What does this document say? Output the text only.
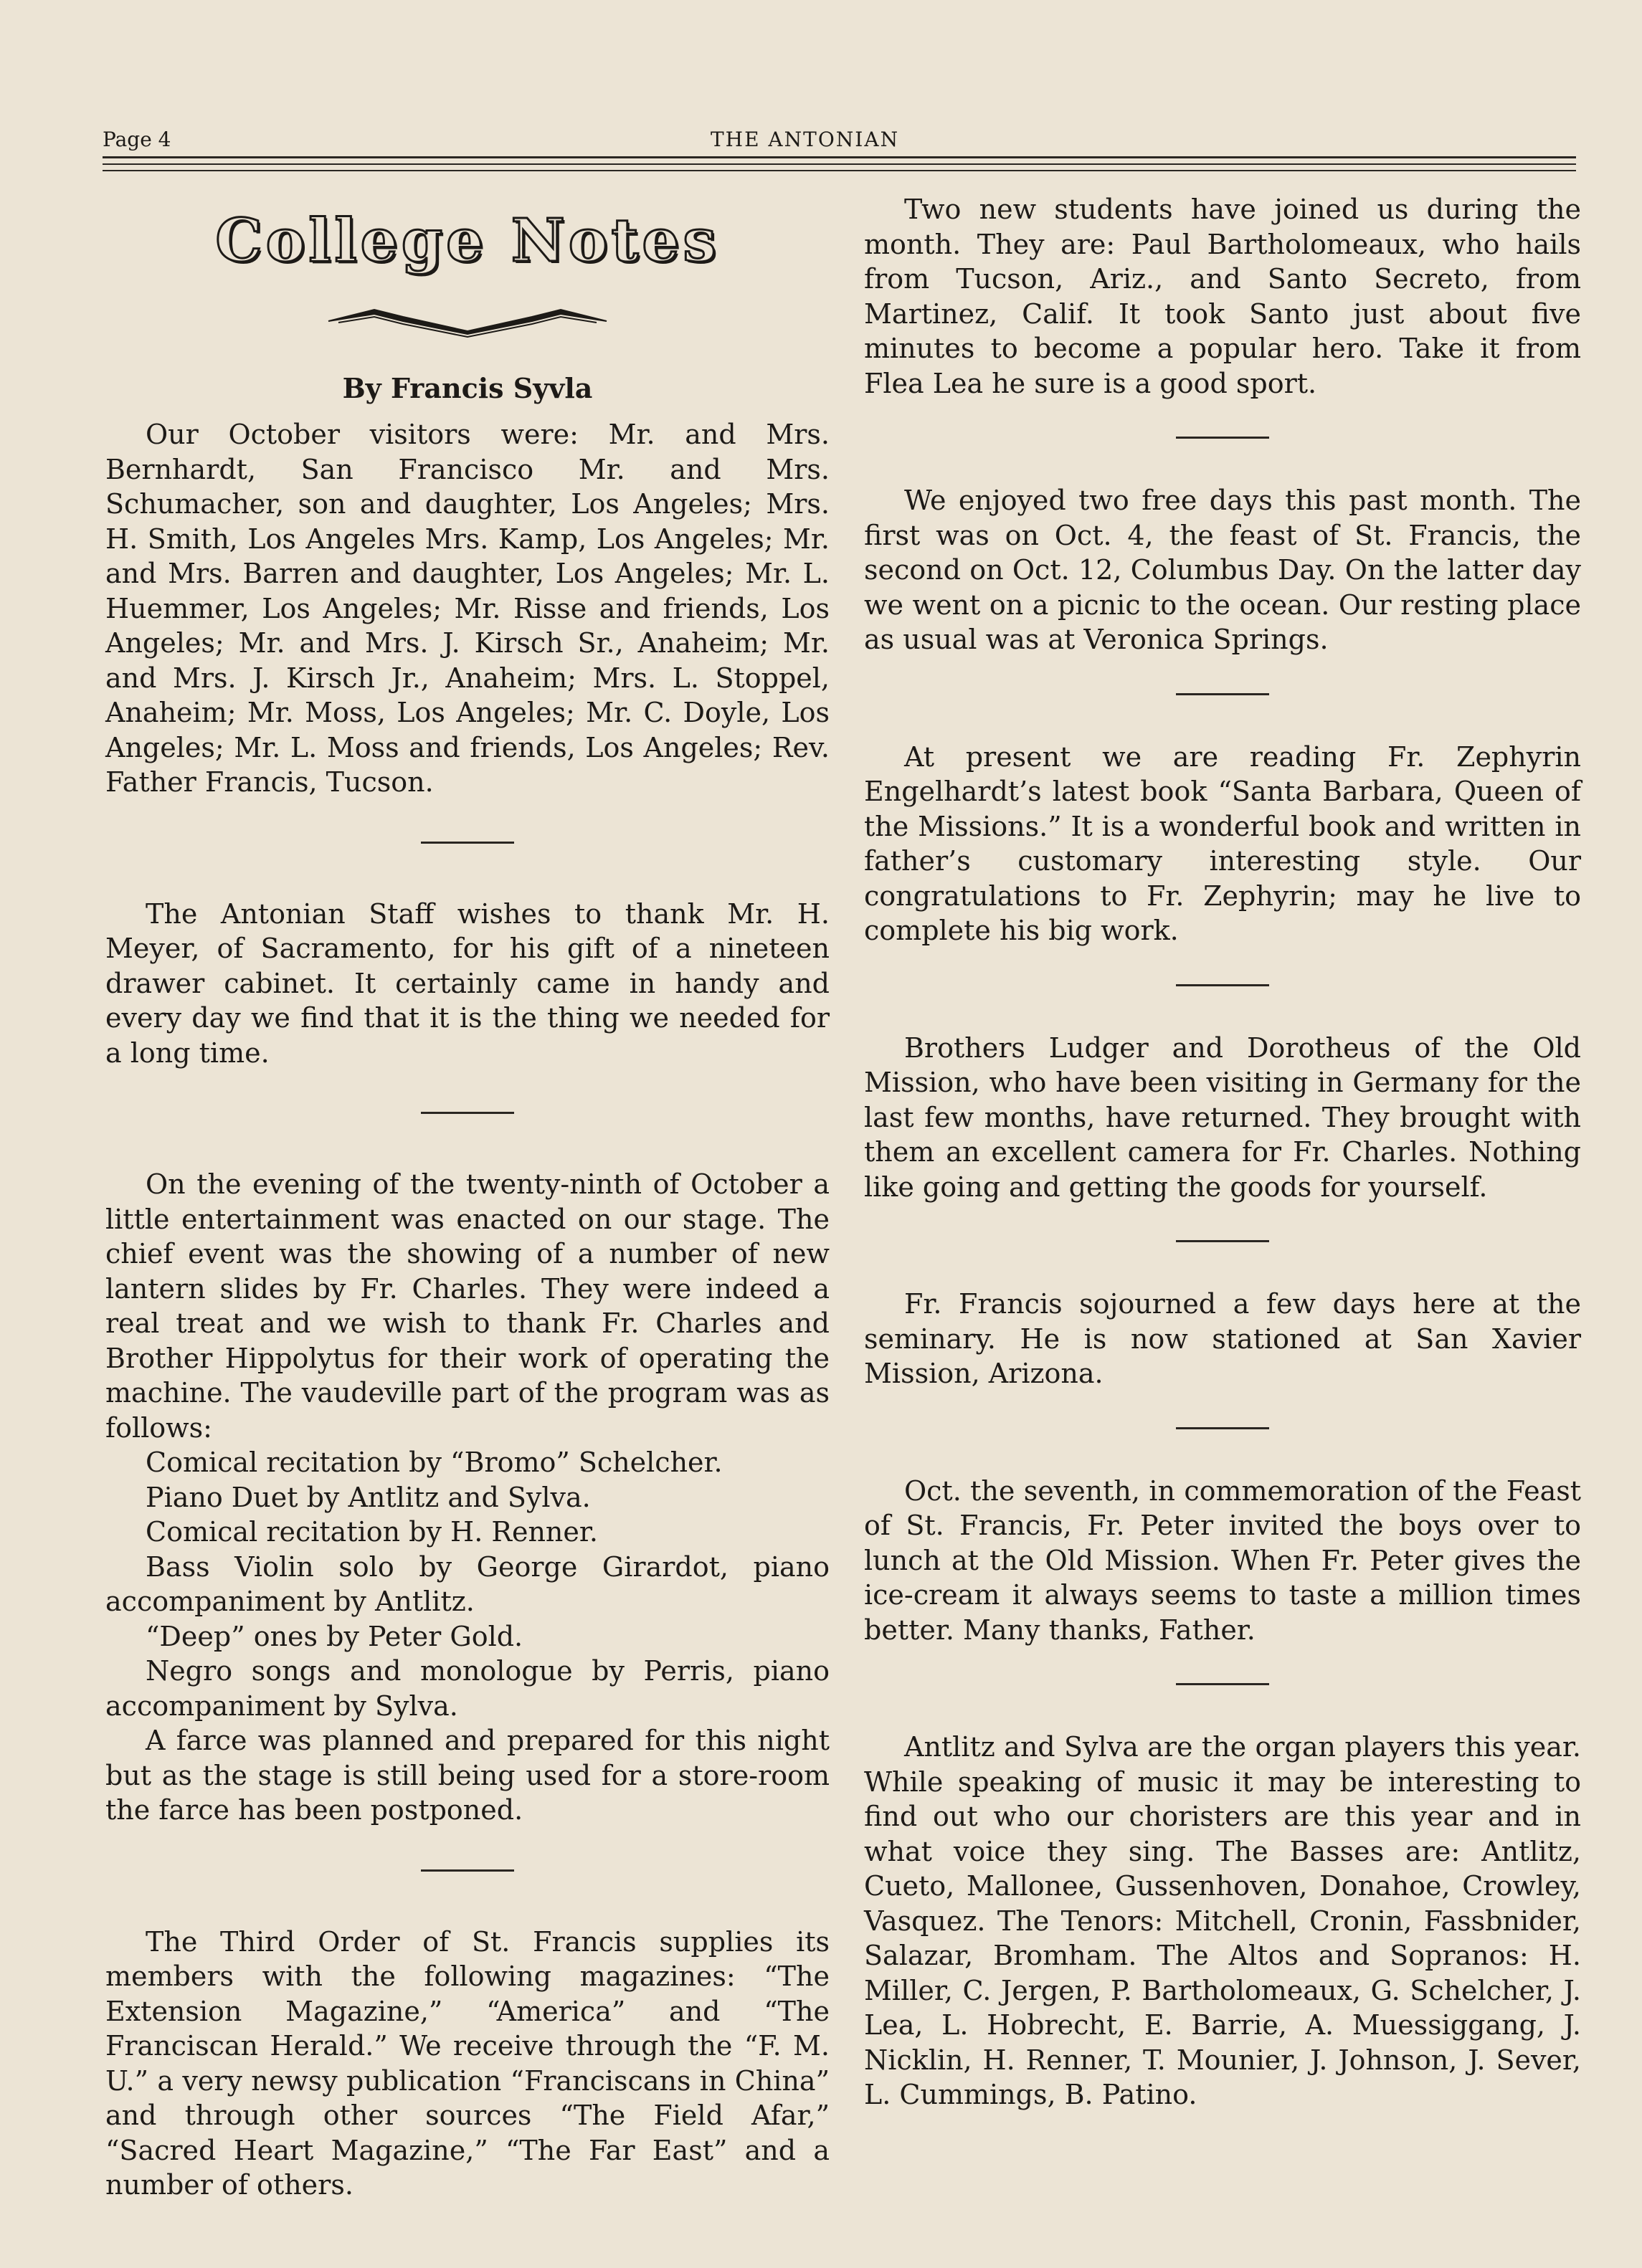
Page 4	THE ANTONIAN
College Notes
By Francis Syvla

Our October visitors were: Mr. and Mrs. Bernhardt, San Francisco Mr. and Mrs. Schumacher, son and daughter, Los Angeles; Mrs. H. Smith, Los Angeles Mrs. Kamp, Los Angeles; Mr. and Mrs. Barren and daughter, Los Angeles; Mr. L. Huemmer, Los Angeles; Mr. Risse and friends, Los Angeles; Mr. and Mrs. J. Kirsch Sr., Anaheim; Mr. and Mrs. J. Kirsch Jr., Anaheim; Mrs. L. Stoppel, Anaheim; Mr. Moss, Los Angeles; Mr. C. Doyle, Los Angeles; Mr. L. Moss and friends, Los Angeles; Rev. Father Francis, Tucson.

The Antonian Staff wishes to thank Mr. H. Meyer, of Sacramento, for his gift of a nineteen drawer cabinet. It certainly came in handy and every day we find that it is the thing we needed for a long time.

On the evening of the twenty-ninth of October a little entertainment was enacted on our stage. The chief event was the showing of a number of new lantern slides by Fr. Charles. They were indeed a real treat and we wish to thank Fr. Charles and Brother Hippolytus for their work of operating the machine. The vaudeville part of the program was as follows:

Comical recitation by “Bromo” Schelcher.

Piano Duet by Antlitz and Sylva.

Comical recitation by H. Renner.

Bass Violin solo by George Girardot, piano accompaniment by Antlitz.

“Deep” ones by Peter Gold.

Negro songs and monologue by Perris, piano accompaniment by Sylva.

A farce was planned and prepared for this night but as the stage is still being used for a store-room the farce has been postponed.

The Third Order of St. Francis supplies its members with the following magazines: “The Extension Magazine,” “America” and “The Franciscan Herald.” We receive through the “F. M. U.” a very newsy publication “Franciscans in China” and through other sources “The Field Afar,” “Sacred Heart Magazine,” “The Far East” and a number of others.

Two new students have joined us during the month. They are: Paul Bartholomeaux, who hails from Tucson, Ariz., and Santo Secreto, from Martinez, Calif. It took Santo just about five minutes to become a popular hero. Take it from Flea Lea he sure is a good sport.

We enjoyed two free days this past month. The first was on Oct. 4, the feast of St. Francis, the second on Oct. 12, Columbus Day. On the latter day we went on a picnic to the ocean. Our resting place as usual was at Veronica Springs.

At present we are reading Fr. Zephyrin Engelhardt’s latest book “Santa Barbara, Queen of the Missions.” It is a wonderful book and written in father’s customary interesting style. Our congratulations to Fr. Zephyrin; may he live to complete his big work.

Brothers Ludger and Dorotheus of the Old Mission, who have been visiting in Germany for the last few months, have returned. They brought with them an excellent camera for Fr. Charles. Nothing like going and getting the goods for yourself.

Fr. Francis sojourned a few days here at the seminary. He is now stationed at San Xavier Mission, Arizona.

Oct. the seventh, in commemoration of the Feast of St. Francis, Fr. Peter invited the boys over to lunch at the Old Mission. When Fr. Peter gives the ice-cream it always seems to taste a million times better. Many thanks, Father.

Antlitz and Sylva are the organ players this year. While speaking of music it may be interesting to find out who our choristers are this year and in what voice they sing. The Basses are: Antlitz, Cueto, Mallonee, Gussenhoven, Donahoe, Crowley, Vasquez. The Tenors: Mitchell, Cronin, Fassbnider, Salazar, Bromham. The Altos and Sopranos: H. Miller, C. Jergen, P. Bartholomeaux, G. Schelcher, J. Lea, L. Hobrecht, E. Barrie, A. Muessiggang, J. Nicklin, H. Renner, T. Mounier, J. Johnson, J. Sever, L. Cummings, B. Patino.
